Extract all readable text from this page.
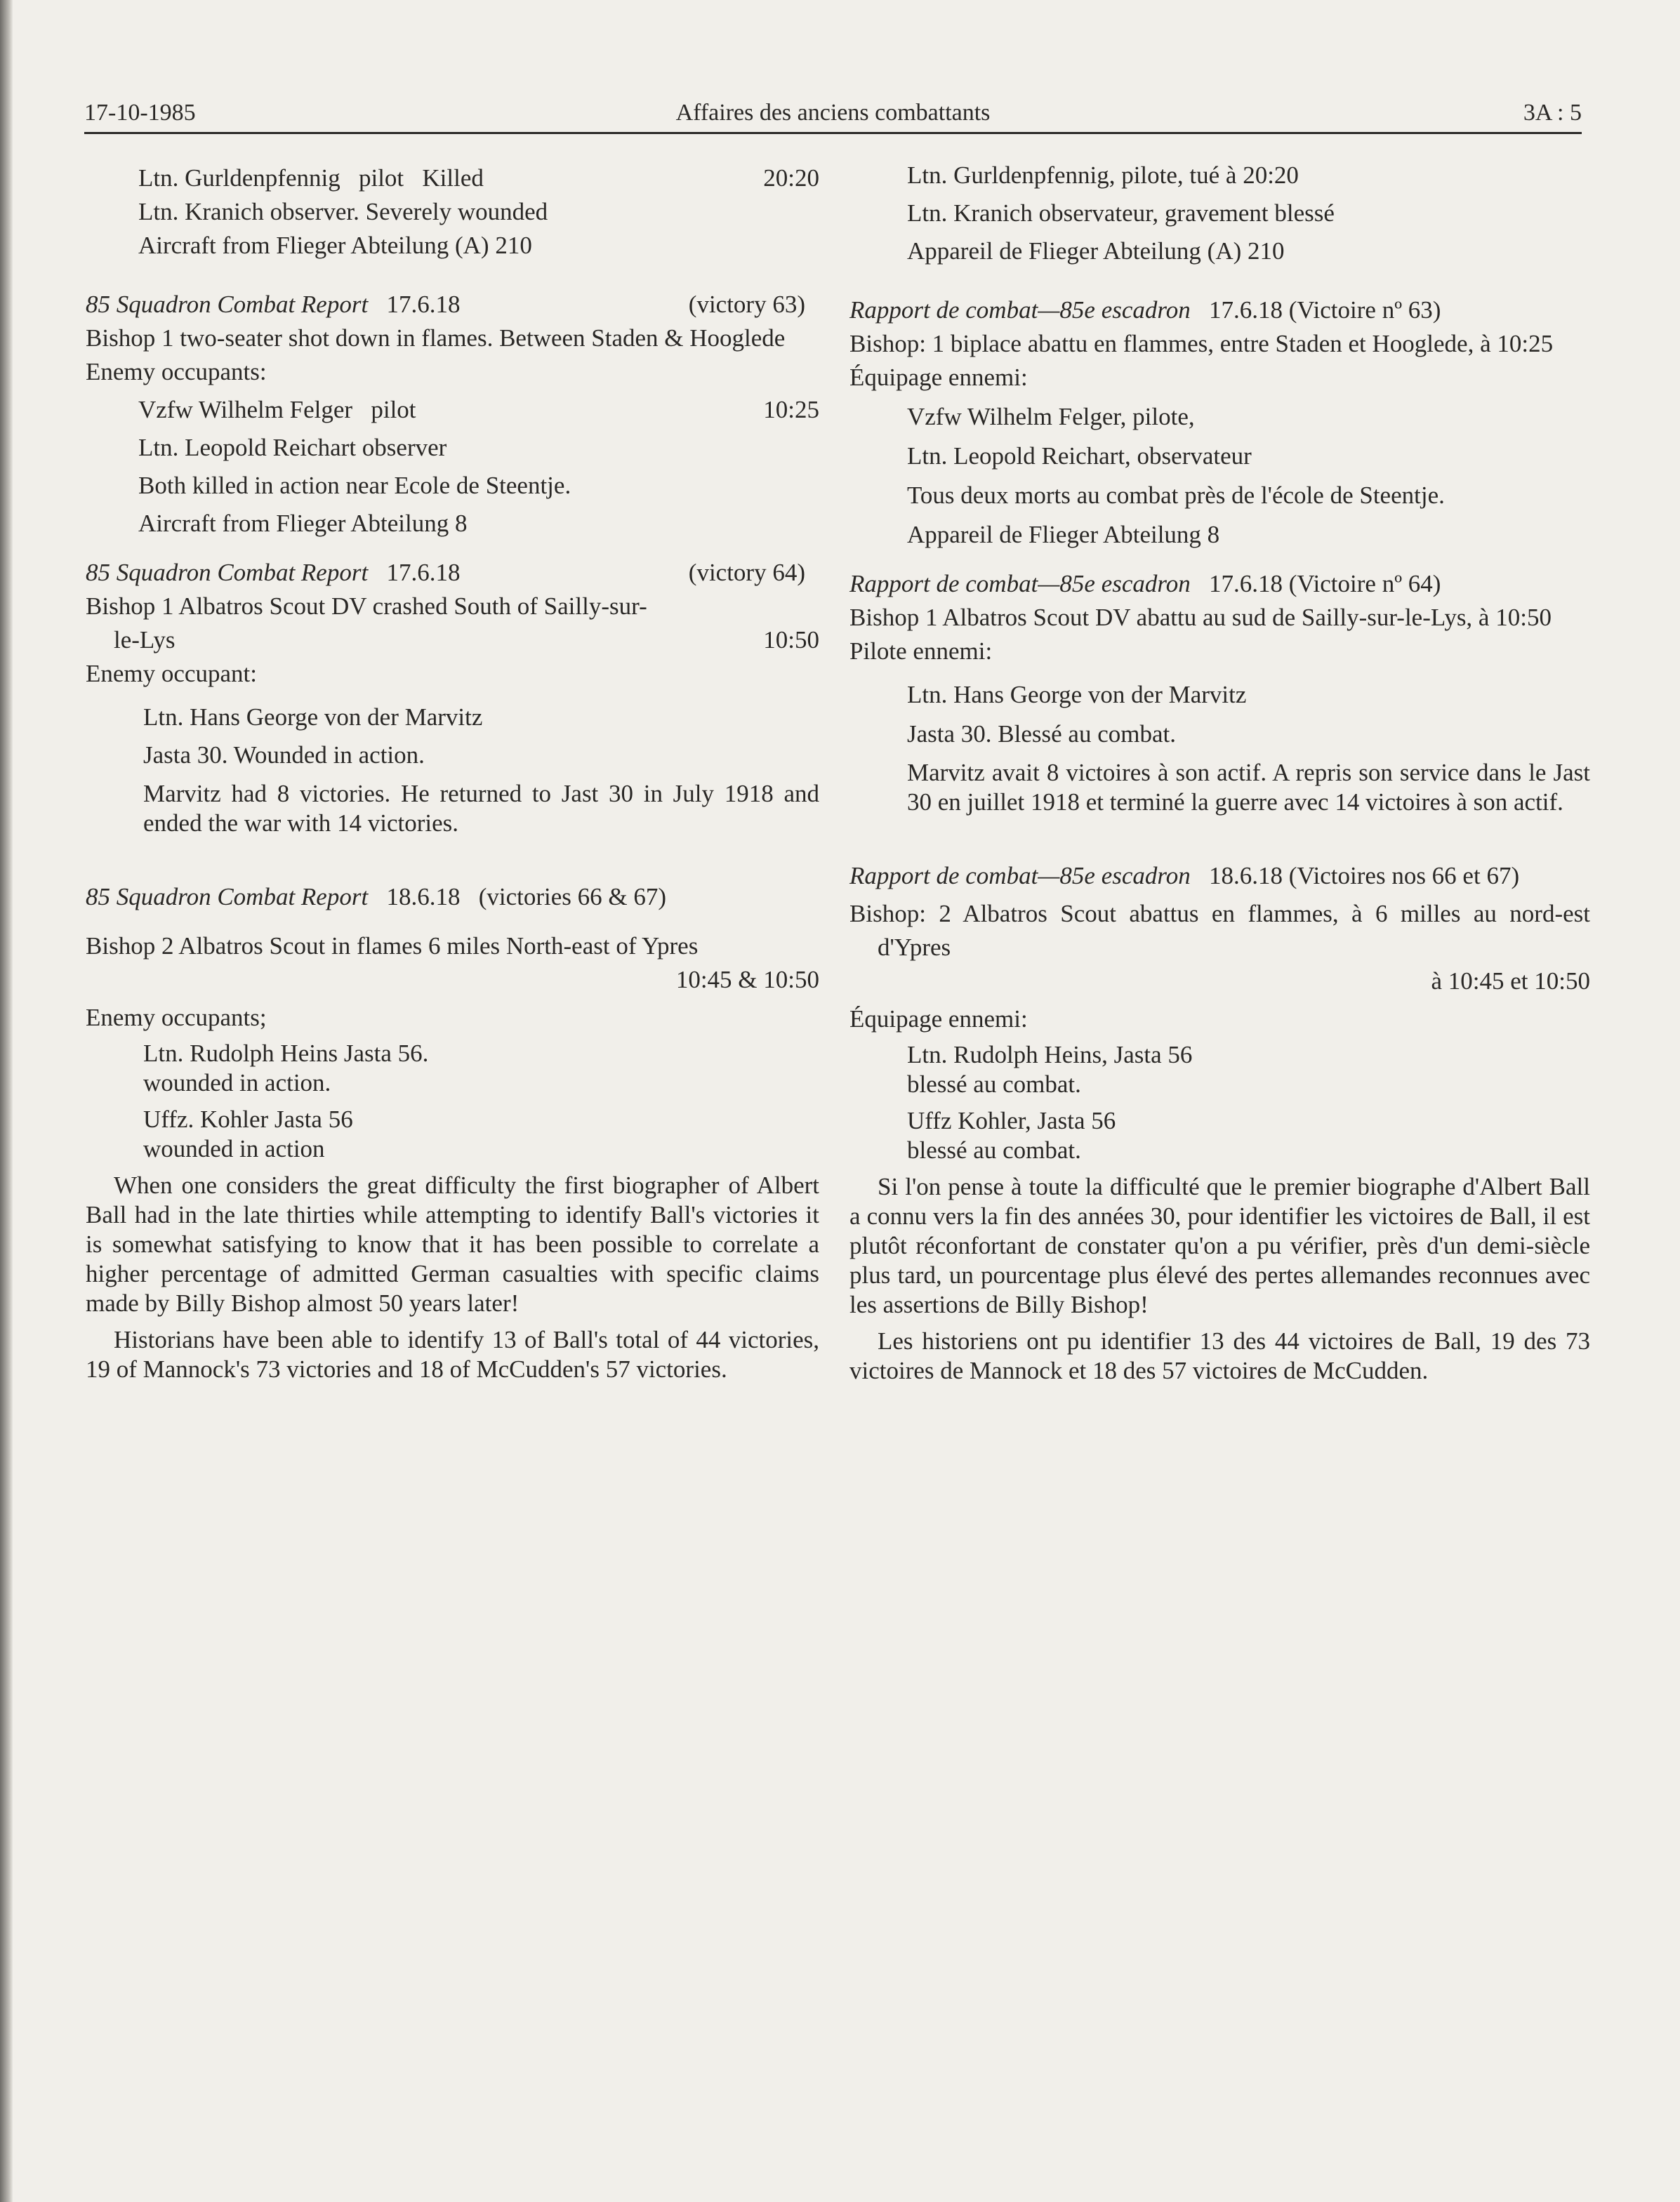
17-10-1985	Affaires des anciens combattants	3A : 5
Ltn. Gurldenpfennig pilot Killed	20:20
Ltn. Kranich observer. Severely wounded
Aircraft from Flieger Abteilung (A) 210
85 Squadron Combat Report 17.6.18	(victory 63)
Bishop 1 two-seater shot down in flames. Between Staden & Hooglede
Enemy occupants:
Vzfw Wilhelm Felger pilot	10:25
Ltn. Leopold Reichart observer
Both killed in action near Ecole de Steentje.
Aircraft from Flieger Abteilung 8
85 Squadron Combat Report 17.6.18	(victory 64)
Bishop 1 Albatros Scout DV crashed South of Sailly-sur-
le-Lys	10:50
Enemy occupant:
Ltn. Hans George von der Marvitz
Jasta 30. Wounded in action.
Marvitz had 8 victories. He returned to Jast 30 in July 1918 and ended the war with 14 victories.
85 Squadron Combat Report 18.6.18 (victories 66 & 67)
Bishop 2 Albatros Scout in flames 6 miles North-east of Ypres
10:45 & 10:50
Enemy occupants;
Ltn. Rudolph Heins Jasta 56.
wounded in action.
Uffz. Kohler Jasta 56
wounded in action
When one considers the great difficulty the first biographer of Albert Ball had in the late thirties while attempting to identify Ball's victories it is somewhat satisfying to know that it has been possible to correlate a higher percentage of admitted German casualties with specific claims made by Billy Bishop almost 50 years later!
Historians have been able to identify 13 of Ball's total of 44 victories, 19 of Mannock's 73 victories and 18 of McCudden's 57 victories.
Ltn. Gurldenpfennig, pilote, tué à 20:20
Ltn. Kranich observateur, gravement blessé
Appareil de Flieger Abteilung (A) 210
Rapport de combat—85e escadron 17.6.18 (Victoire nº 63)
Bishop: 1 biplace abattu en flammes, entre Staden et Hooglede, à 10:25
Équipage ennemi:
Vzfw Wilhelm Felger, pilote,
Ltn. Leopold Reichart, observateur
Tous deux morts au combat près de l'école de Steentje.
Appareil de Flieger Abteilung 8
Rapport de combat—85e escadron 17.6.18 (Victoire nº 64)
Bishop 1 Albatros Scout DV abattu au sud de Sailly-sur-le-Lys, à 10:50
Pilote ennemi:
Ltn. Hans George von der Marvitz
Jasta 30. Blessé au combat.
Marvitz avait 8 victoires à son actif. A repris son service dans le Jast 30 en juillet 1918 et terminé la guerre avec 14 victoires à son actif.
Rapport de combat—85e escadron 18.6.18 (Victoires nos 66 et 67)
Bishop: 2 Albatros Scout abattus en flammes, à 6 milles au nord-est d'Ypres
à 10:45 et 10:50
Équipage ennemi:
Ltn. Rudolph Heins, Jasta 56
blessé au combat.
Uffz Kohler, Jasta 56
blessé au combat.
Si l'on pense à toute la difficulté que le premier biographe d'Albert Ball a connu vers la fin des années 30, pour identifier les victoires de Ball, il est plutôt réconfortant de constater qu'on a pu vérifier, près d'un demi-siècle plus tard, un pourcentage plus élevé des pertes allemandes reconnues avec les assertions de Billy Bishop!
Les historiens ont pu identifier 13 des 44 victoires de Ball, 19 des 73 victoires de Mannock et 18 des 57 victoires de McCudden.
